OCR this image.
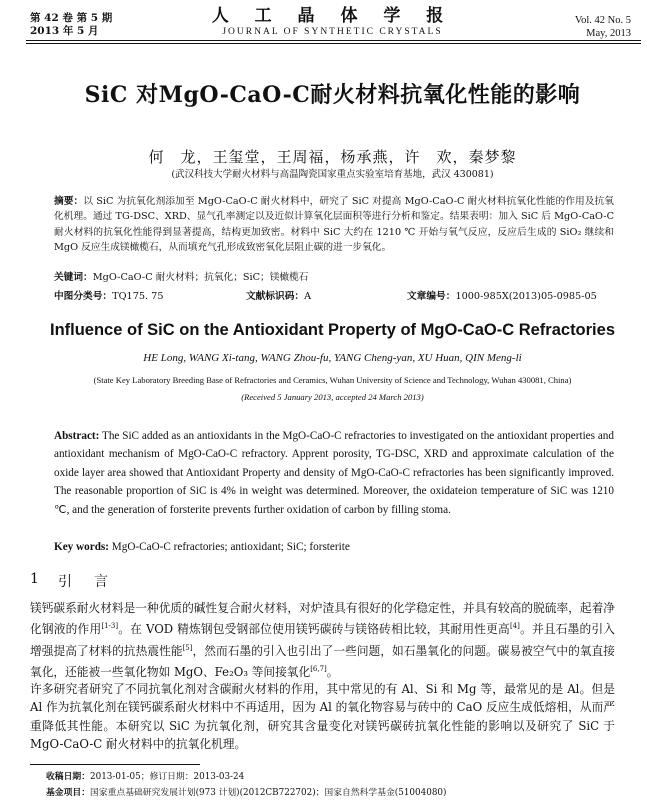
第 42 卷 第 5 期
2013 年 5 月
人 工 晶 体 学 报
JOURNAL OF SYNTHETIC CRYSTALS
Vol. 42 No. 5
May, 2013
SiC 对MgO-CaO-C耐火材料抗氧化性能的影响
何　龙，王玺堂，王周福，杨承燕，许　欢，秦梦黎
(武汉科技大学耐火材料与高温陶瓷国家重点实验室培育基地，武汉 430081)
摘要：以 SiC 为抗氧化剂添加至 MgO-CaO-C 耐火材料中，研究了 SiC 对提高 MgO-CaO-C 耐火材料抗氧化性能的作用及抗氧化机理。通过 TG-DSC、XRD、显气孔率测定以及近似计算氧化层面积等进行分析和鉴定。结果表明：加入 SiC 后 MgO-CaO-C 耐火材料的抗氧化性能得到显著提高，结构更加致密。材料中 SiC 大约在 1210 ℃ 开始与氧气反应，反应后生成的 SiO₂ 继续和 MgO 反应生成镁橄榄石，从而填充气孔形成致密氧化层阻止碳的进一步氧化。
关键词：MgO-CaO-C 耐火材料；抗氧化；SiC；镁橄榄石
中图分类号：TQ175. 75	文献标识码：A	文章编号：1000-985X(2013)05-0985-05
Influence of SiC on the Antioxidant Property of MgO-CaO-C Refractories
HE Long, WANG Xi-tang, WANG Zhou-fu, YANG Cheng-yan, XU Huan, QIN Meng-li
(State Key Laboratory Breeding Base of Refractories and Ceramics, Wuhan University of Science and Technology, Wuhan 430081, China)
(Received 5 January 2013, accepted 24 March 2013)
Abstract: The SiC added as an antioxidants in the MgO-CaO-C refractories to investigated on the antioxidant properties and antioxidant mechanism of MgO-CaO-C refractory. Apprent porosity, TG-DSC, XRD and approximate calculation of the oxide layer area showed that Antioxidant Property and density of MgO-CaO-C refractories has been significantly improved. The reasonable proportion of SiC is 4% in weight was determined. Moreover, the oxidateion temperature of SiC was 1210 ℃, and the generation of forsterite prevents further oxidation of carbon by filling stoma.
Key words: MgO-CaO-C refractories; antioxidant; SiC; forsterite
1 引言
镁钙碳系耐火材料是一种优质的碱性复合耐火材料，对炉渣具有很好的化学稳定性，并具有较高的脱硫率，起着净化钢液的作用[1-3]。在 VOD 精炼钢包受钢部位使用镁钙碳砖与镁铬砖相比较，其耐用性更高[4]。并且石墨的引入增强提高了材料的抗热震性能[5]，然而石墨的引入也引出了一些问题，如石墨氧化的问题。碳易被空气中的氧直接氧化，还能被一些氧化物如 MgO、Fe₂O₃ 等间接氧化[6,7]。
许多研究者研究了不同抗氧化剂对含碳耐火材料的作用，其中常见的有 Al、Si 和 Mg 等，最常见的是 Al。但是 Al 作为抗氧化剂在镁钙碳系耐火材料中不再适用，因为 Al 的氧化物容易与砖中的 CaO 反应生成低熔相，从而严重降低其性能。本研究以 SiC 为抗氧化剂，研究其含量变化对镁钙碳砖抗氧化性能的影响以及研究了 SiC 于 MgO-CaO-C 耐火材料中的抗氧化机理。
收稿日期：2013-01-05；修订日期：2013-03-24
基金项目：国家重点基础研究发展计划(973 计划)(2012CB722702)；国家自然科学基金(51004080)
